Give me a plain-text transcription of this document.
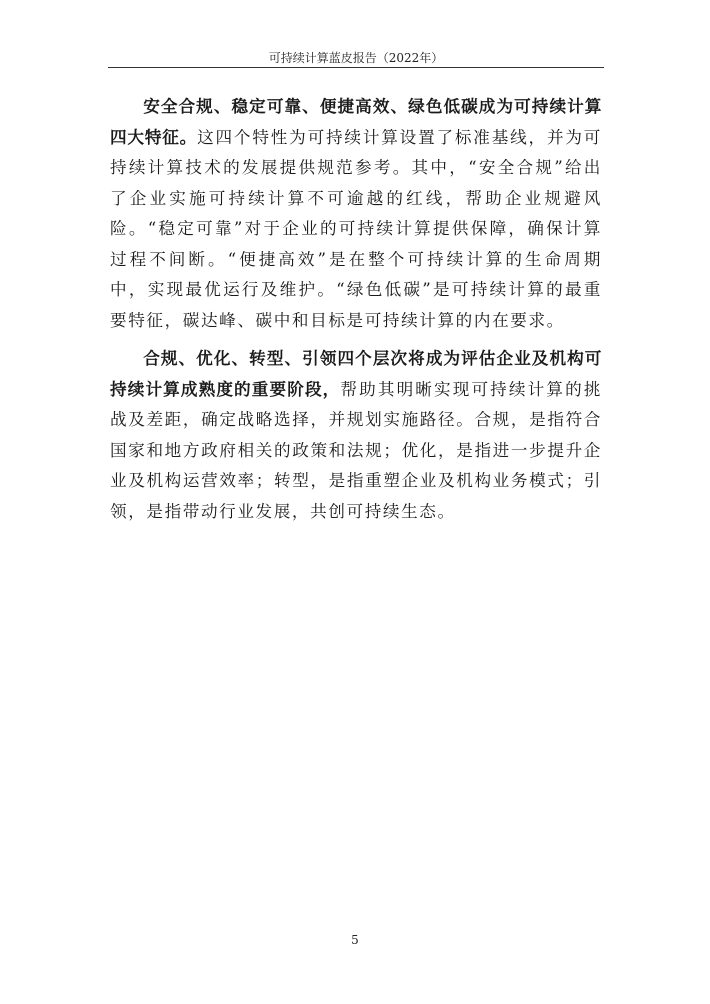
可持续计算蓝皮报告（2022年）

安全合规、稳定可靠、便捷高效、绿色低碳成为可持续计算四大特征。这四个特性为可持续计算设置了标准基线，并为可持续计算技术的发展提供规范参考。其中，“安全合规”给出了企业实施可持续计算不可逾越的红线，帮助企业规避风险。“稳定可靠”对于企业的可持续计算提供保障，确保计算过程不间断。“便捷高效”是在整个可持续计算的生命周期中，实现最优运行及维护。“绿色低碳”是可持续计算的最重要特征，碳达峰、碳中和目标是可持续计算的内在要求。

合规、优化、转型、引领四个层次将成为评估企业及机构可持续计算成熟度的重要阶段，帮助其明晰实现可持续计算的挑战及差距，确定战略选择，并规划实施路径。合规，是指符合国家和地方政府相关的政策和法规；优化，是指进一步提升企业及机构运营效率；转型，是指重塑企业及机构业务模式；引领，是指带动行业发展，共创可持续生态。

5
